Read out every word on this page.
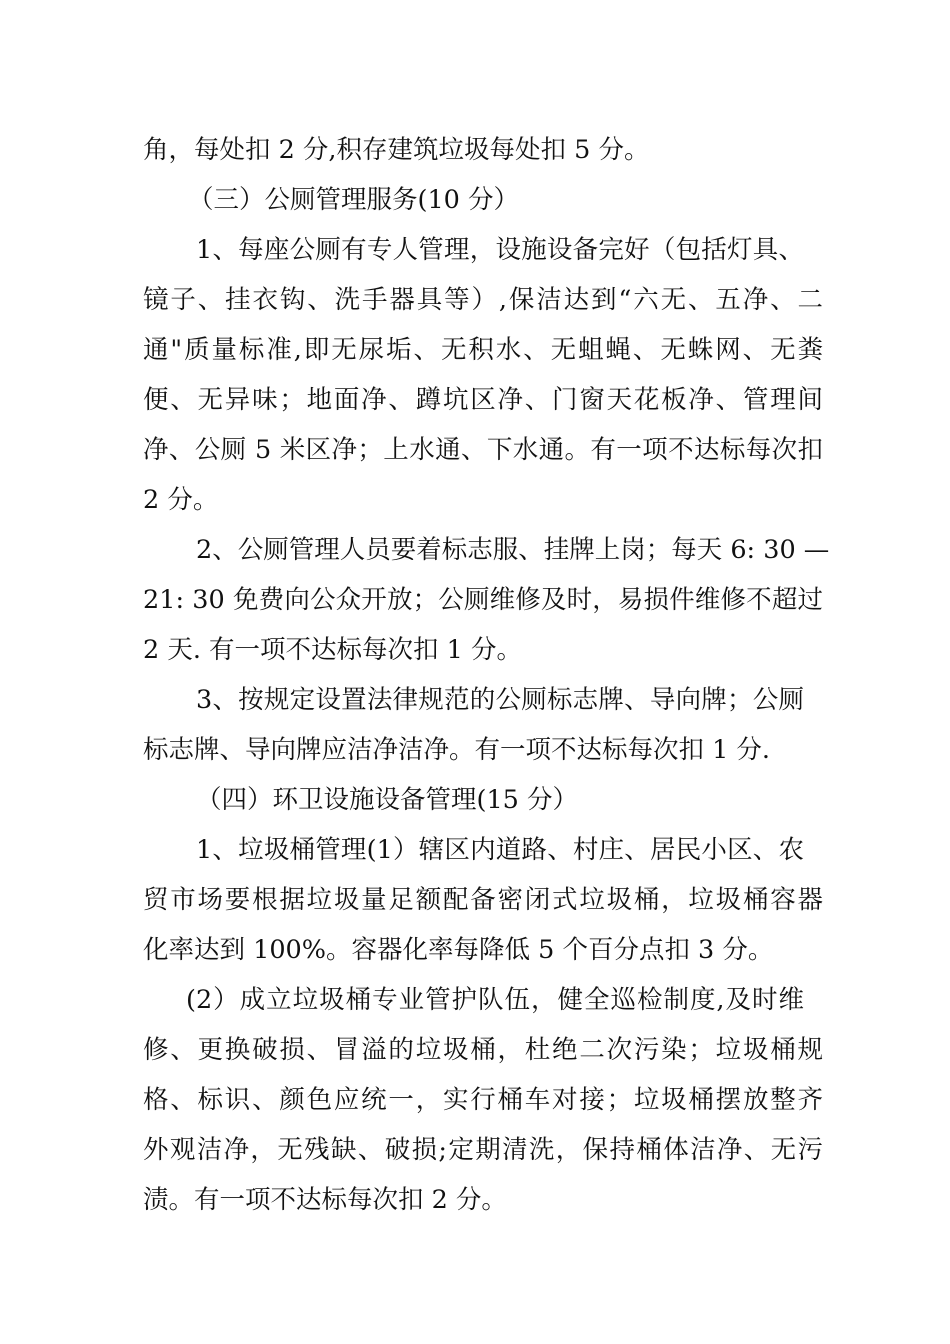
角，每处扣 2 分,积存建筑垃圾每处扣 5 分。
（三）公厕管理服务(10 分）
1、每座公厕有专人管理，设施设备完好（包括灯具、
镜子、挂衣钩、洗手器具等）,保洁达到“六无、五净、二
通"质量标准,即无尿垢、无积水、无蛆蝇、无蛛网、无粪
便、无异味；地面净、蹲坑区净、门窗天花板净、管理间
净、公厕 5 米区净；上水通、下水通。有一项不达标每次扣
2 分。
2、公厕管理人员要着标志服、挂牌上岗；每天 6: 30 —
21: 30 免费向公众开放；公厕维修及时，易损件维修不超过
2 天. 有一项不达标每次扣 1 分。
3、按规定设置法律规范的公厕标志牌、导向牌；公厕
标志牌、导向牌应洁净洁净。有一项不达标每次扣 1 分.
（四）环卫设施设备管理(15 分）
1、垃圾桶管理(1）辖区内道路、村庄、居民小区、农
贸市场要根据垃圾量足额配备密闭式垃圾桶，垃圾桶容器
化率达到 100%。容器化率每降低 5 个百分点扣 3 分。
(2）成立垃圾桶专业管护队伍，健全巡检制度,及时维
修、更换破损、冒溢的垃圾桶，杜绝二次污染；垃圾桶规
格、标识、颜色应统一，实行桶车对接；垃圾桶摆放整齐
外观洁净，无残缺、破损;定期清洗，保持桶体洁净、无污
渍。有一项不达标每次扣 2 分。
